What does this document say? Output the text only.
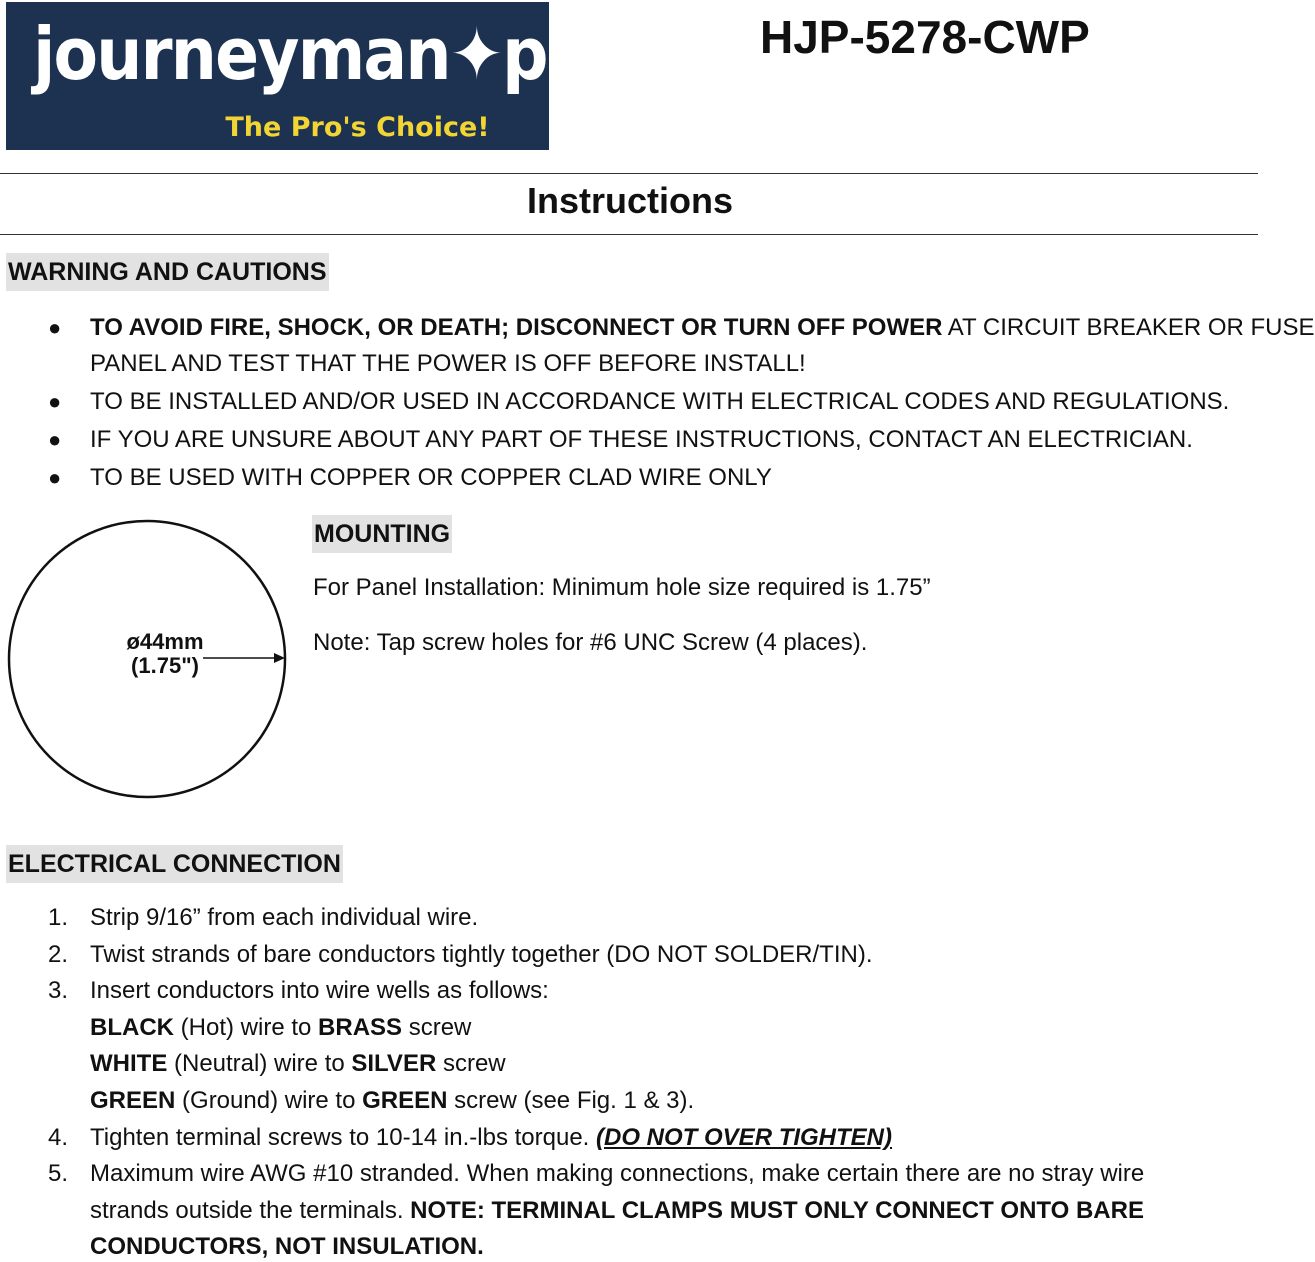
journeyman✦pro
The Pro's Choice!
HJP-5278-CWP
Instructions
WARNING AND CAUTIONS
● TO AVOID FIRE, SHOCK, OR DEATH; DISCONNECT OR TURN OFF POWER AT CIRCUIT BREAKER OR FUSE
PANEL AND TEST THAT THE POWER IS OFF BEFORE INSTALL!
● TO BE INSTALLED AND/OR USED IN ACCORDANCE WITH ELECTRICAL CODES AND REGULATIONS.
● IF YOU ARE UNSURE ABOUT ANY PART OF THESE INSTRUCTIONS, CONTACT AN ELECTRICIAN.
● TO BE USED WITH COPPER OR COPPER CLAD WIRE ONLY
ø44mm
(1.75")
MOUNTING
For Panel Installation: Minimum hole size required is 1.75”
Note: Tap screw holes for #6 UNC Screw (4 places).
ELECTRICAL CONNECTION
1. Strip 9/16” from each individual wire.
2. Twist strands of bare conductors tightly together (DO NOT SOLDER/TIN).
3. Insert conductors into wire wells as follows:
BLACK (Hot) wire to BRASS screw
WHITE (Neutral) wire to SILVER screw
GREEN (Ground) wire to GREEN screw (see Fig. 1 & 3).
4. Tighten terminal screws to 10-14 in.-lbs torque. (DO NOT OVER TIGHTEN)
5. Maximum wire AWG #10 stranded. When making connections, make certain there are no stray wire
strands outside the terminals. NOTE: TERMINAL CLAMPS MUST ONLY CONNECT ONTO BARE
CONDUCTORS, NOT INSULATION.
